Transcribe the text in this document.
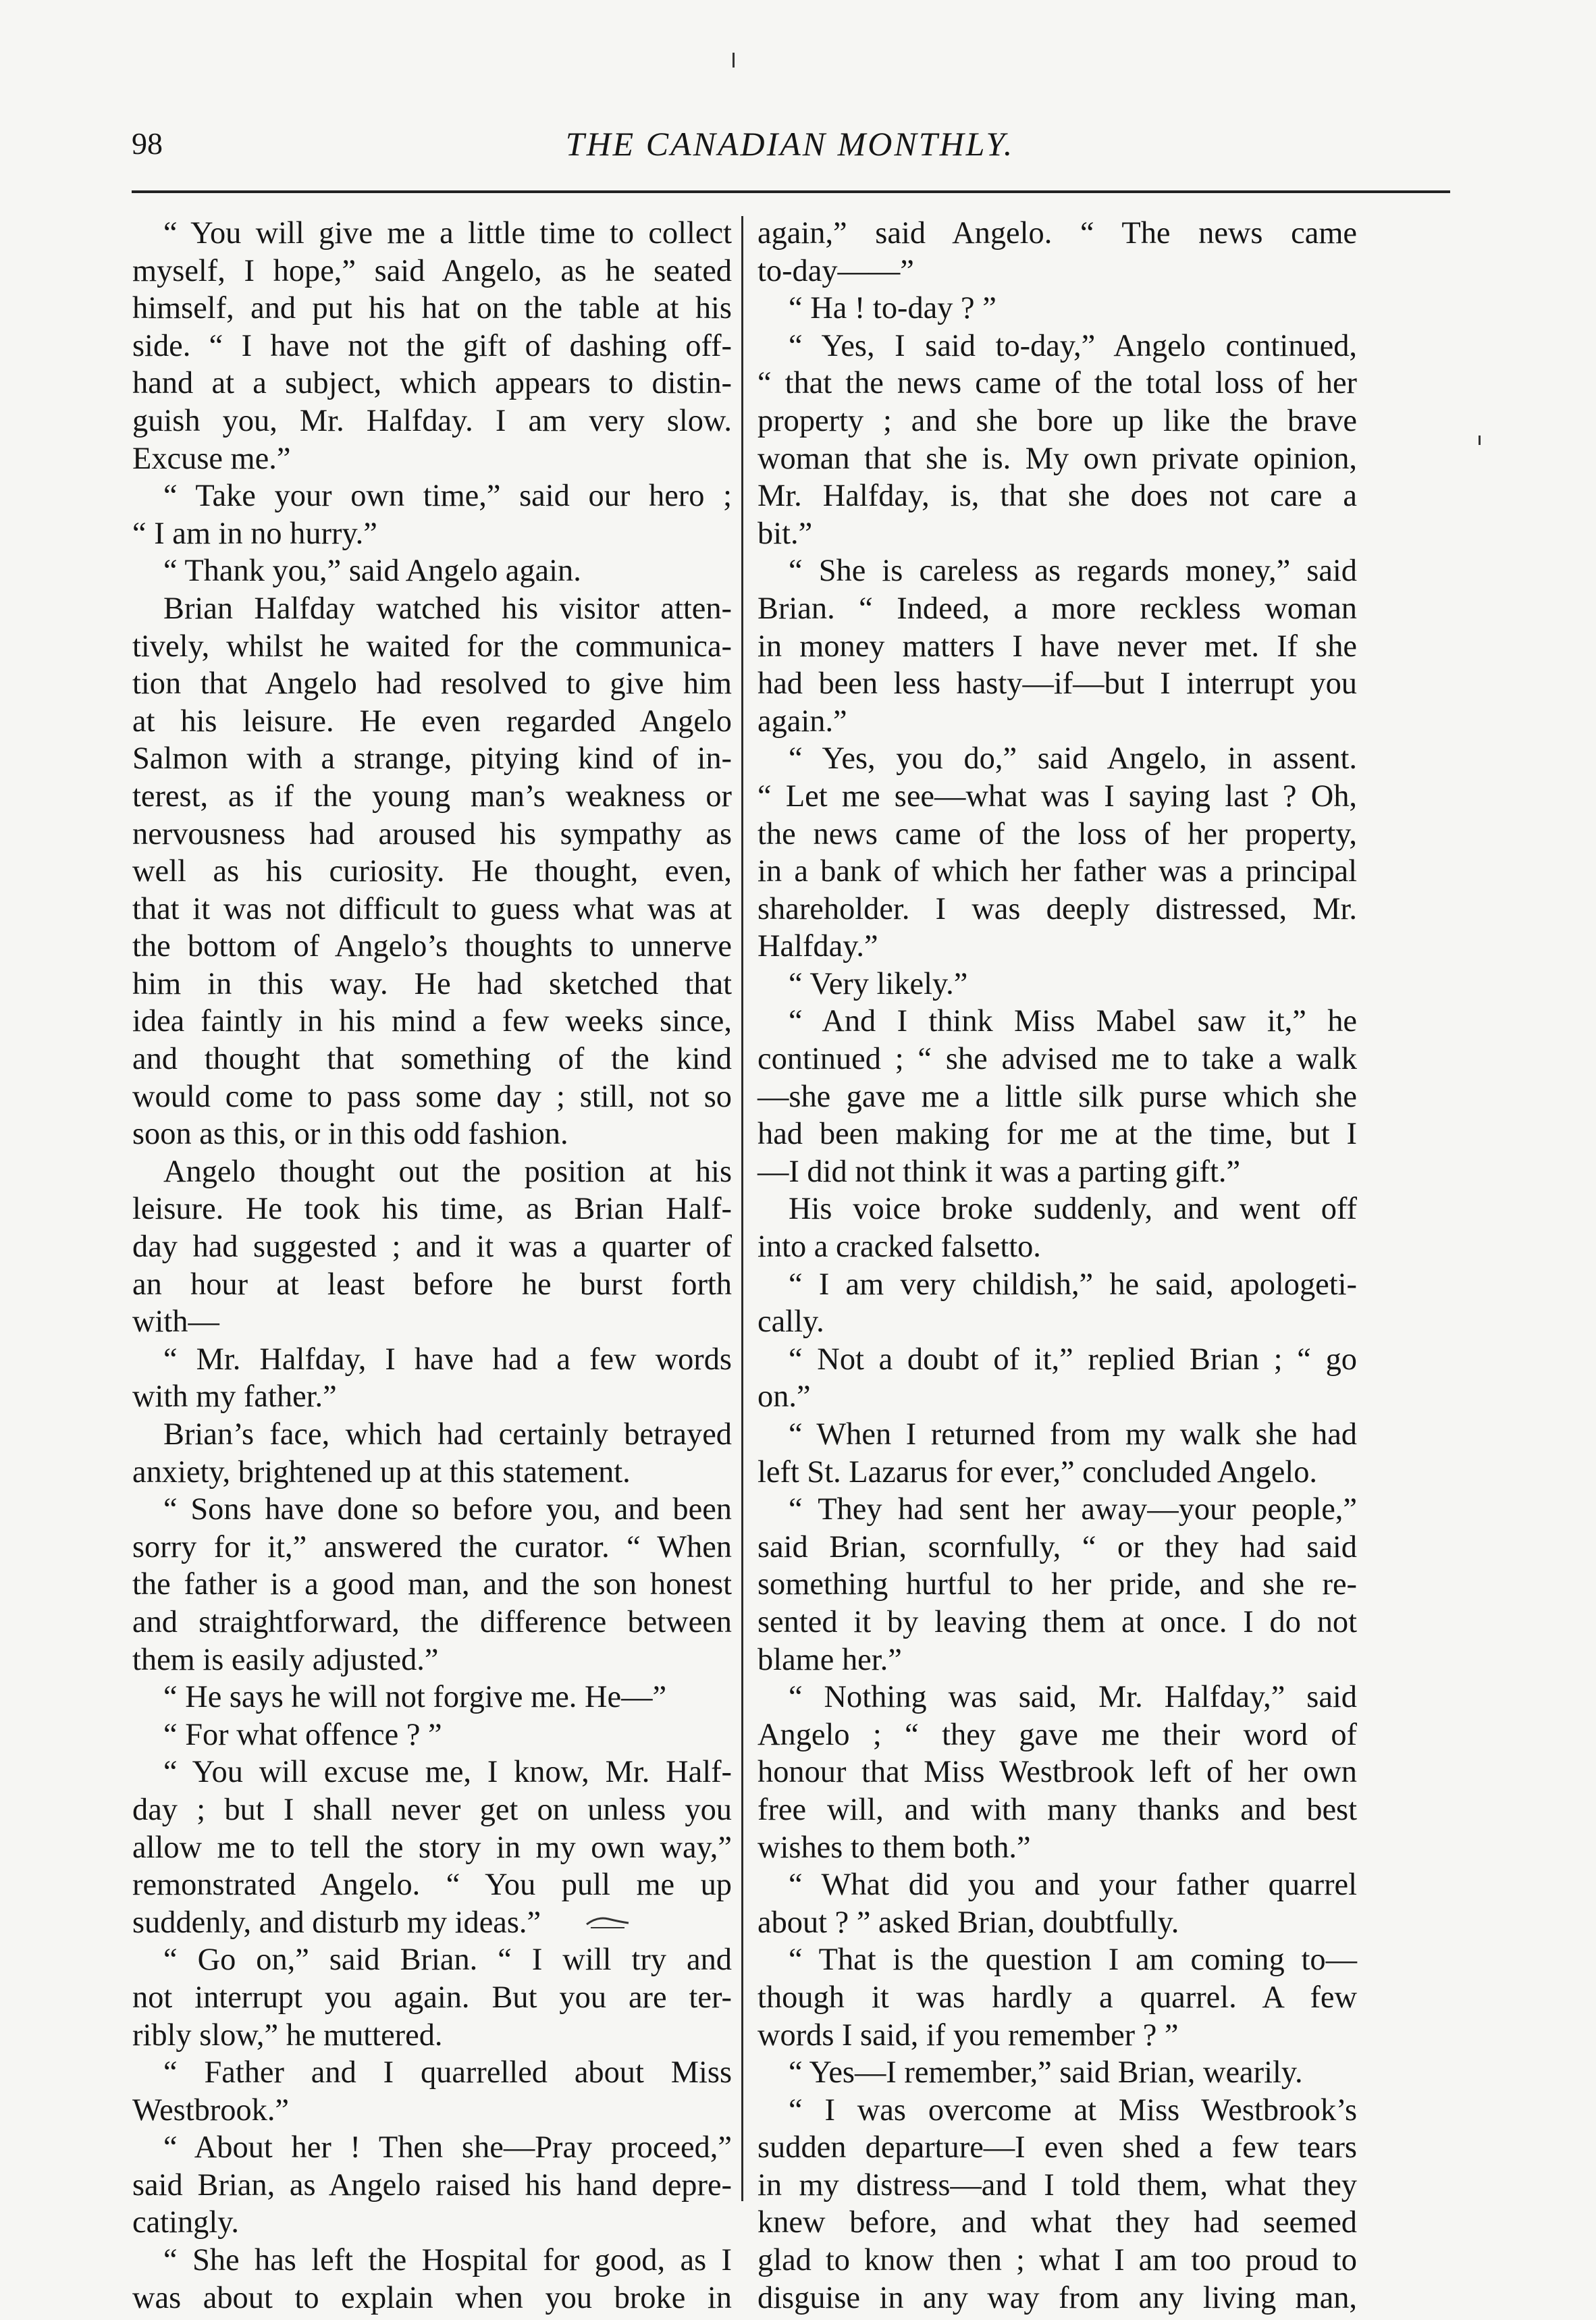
98	THE CANADIAN MONTHLY.
“ You will give me a little time to collect
myself, I hope,” said Angelo, as he seated
himself, and put his hat on the table at his
side. “ I have not the gift of dashing off-
hand at a subject, which appears to distin-
guish you, Mr. Halfday. I am very slow.
Excuse me.”
“ Take your own time,” said our hero ;
“ I am in no hurry.”
“ Thank you,” said Angelo again.
Brian Halfday watched his visitor atten-
tively, whilst he waited for the communica-
tion that Angelo had resolved to give him
at his leisure. He even regarded Angelo
Salmon with a strange, pitying kind of in-
terest, as if the young man’s weakness or
nervousness had aroused his sympathy as
well as his curiosity. He thought, even,
that it was not difficult to guess what was at
the bottom of Angelo’s thoughts to unnerve
him in this way. He had sketched that
idea faintly in his mind a few weeks since,
and thought that something of the kind
would come to pass some day ; still, not so
soon as this, or in this odd fashion.
Angelo thought out the position at his
leisure. He took his time, as Brian Half-
day had suggested ; and it was a quarter of
an hour at least before he burst forth
with—
“ Mr. Halfday, I have had a few words
with my father.”
Brian’s face, which had certainly betrayed
anxiety, brightened up at this statement.
“ Sons have done so before you, and been
sorry for it,” answered the curator. “ When
the father is a good man, and the son honest
and straightforward, the difference between
them is easily adjusted.”
“ He says he will not forgive me. He—”
“ For what offence ? ”
“ You will excuse me, I know, Mr. Half-
day ; but I shall never get on unless you
allow me to tell the story in my own way,”
remonstrated Angelo. “ You pull me up
suddenly, and disturb my ideas.”
“ Go on,” said Brian. “ I will try and
not interrupt you again. But you are ter-
ribly slow,” he muttered.
“ Father and I quarrelled about Miss
Westbrook.”
“ About her ! Then she—Pray proceed,”
said Brian, as Angelo raised his hand depre-
catingly.
“ She has left the Hospital for good, as I
was about to explain when you broke in
again,” said Angelo. “ The news came
to-day——”
“ Ha ! to-day ? ”
“ Yes, I said to-day,” Angelo continued,
“ that the news came of the total loss of her
property ; and she bore up like the brave
woman that she is. My own private opinion,
Mr. Halfday, is, that she does not care a
bit.”
“ She is careless as regards money,” said
Brian. “ Indeed, a more reckless woman
in money matters I have never met. If she
had been less hasty—if—but I interrupt you
again.”
“ Yes, you do,” said Angelo, in assent.
“ Let me see—what was I saying last ? Oh,
the news came of the loss of her property,
in a bank of which her father was a principal
shareholder. I was deeply distressed, Mr.
Halfday.”
“ Very likely.”
“ And I think Miss Mabel saw it,” he
continued ; “ she advised me to take a walk
—she gave me a little silk purse which she
had been making for me at the time, but I
—I did not think it was a parting gift.”
His voice broke suddenly, and went off
into a cracked falsetto.
“ I am very childish,” he said, apologeti-
cally.
“ Not a doubt of it,” replied Brian ; “ go
on.”
“ When I returned from my walk she had
left St. Lazarus for ever,” concluded Angelo.
“ They had sent her away—your people,”
said Brian, scornfully, “ or they had said
something hurtful to her pride, and she re-
sented it by leaving them at once. I do not
blame her.”
“ Nothing was said, Mr. Halfday,” said
Angelo ; “ they gave me their word of
honour that Miss Westbrook left of her own
free will, and with many thanks and best
wishes to them both.”
“ What did you and your father quarrel
about ? ” asked Brian, doubtfully.
“ That is the question I am coming to—
though it was hardly a quarrel. A few
words I said, if you remember ? ”
“ Yes—I remember,” said Brian, wearily.
“ I was overcome at Miss Westbrook’s
sudden departure—I even shed a few tears
in my distress—and I told them, what they
knew before, and what they had seemed
glad to know then ; what I am too proud to
disguise in any way from any living man,
